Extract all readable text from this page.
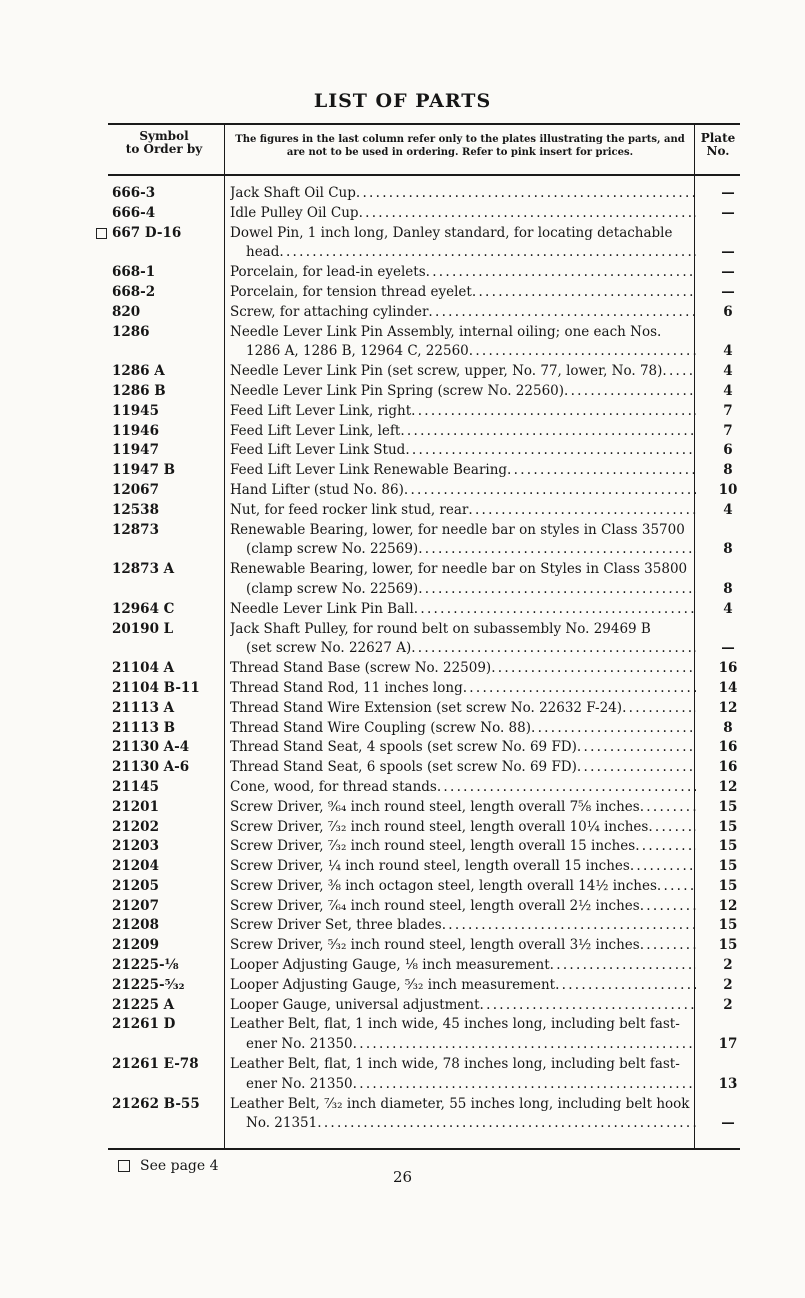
LIST OF PARTS
Symbol
to Order by
The figures in the last column refer only to the plates illustrating the parts, and
are not to be used in ordering. Refer to pink insert for prices.
Plate
No.
666-3	Jack Shaft Oil Cup . . .	—
666-4	Idle Pulley Oil Cup . . .	—
667 D-16	Dowel Pin, 1 inch long, Danley standard, for locating detachable
head . . .	—
668-1	Porcelain, for lead-in eyelets . . .	—
668-2	Porcelain, for tension thread eyelet . . .	—
820	Screw, for attaching cylinder . . .	6
1286	Needle Lever Link Pin Assembly, internal oiling; one each Nos.
1286 A, 1286 B, 12964 C, 22560 . . .	4
1286 A	Needle Lever Link Pin (set screw, upper, No. 77, lower, No. 78) . . .	4
1286 B	Needle Lever Link Pin Spring (screw No. 22560) . . .	4
11945	Feed Lift Lever Link, right . . .	7
11946	Feed Lift Lever Link, left . . .	7
11947	Feed Lift Lever Link Stud . . .	6
11947 B	Feed Lift Lever Link Renewable Bearing . . .	8
12067	Hand Lifter (stud No. 86) . . .	10
12538	Nut, for feed rocker link stud, rear . . .	4
12873	Renewable Bearing, lower, for needle bar on styles in Class 35700
(clamp screw No. 22569) . . .	8
12873 A	Renewable Bearing, lower, for needle bar on Styles in Class 35800
(clamp screw No. 22569) . . .	8
12964 C	Needle Lever Link Pin Ball . . .	4
20190 L	Jack Shaft Pulley, for round belt on subassembly No. 29469 B
(set screw No. 22627 A) . . .	—
21104 A	Thread Stand Base (screw No. 22509) . . .	16
21104 B-11	Thread Stand Rod, 11 inches long . . .	14
21113 A	Thread Stand Wire Extension (set screw No. 22632 F-24) . . .	12
21113 B	Thread Stand Wire Coupling (screw No. 88) . . .	8
21130 A-4	Thread Stand Seat, 4 spools (set screw No. 69 FD) . . .	16
21130 A-6	Thread Stand Seat, 6 spools (set screw No. 69 FD) . . .	16
21145	Cone, wood, for thread stands . . .	12
21201	Screw Driver, ⁹⁄₆₄ inch round steel, length overall 7⅝ inches . . .	15
21202	Screw Driver, ⁷⁄₃₂ inch round steel, length overall 10¼ inches . . .	15
21203	Screw Driver, ⁷⁄₃₂ inch round steel, length overall 15 inches . . .	15
21204	Screw Driver, ¼ inch round steel, length overall 15 inches . . .	15
21205	Screw Driver, ⅜ inch octagon steel, length overall 14½ inches . . .	15
21207	Screw Driver, ⁷⁄₆₄ inch round steel, length overall 2½ inches . . .	12
21208	Screw Driver Set, three blades . . .	15
21209	Screw Driver, ⁵⁄₃₂ inch round steel, length overall 3½ inches . . .	15
21225-⅛	Looper Adjusting Gauge, ⅛ inch measurement . . .	2
21225-⁵⁄₃₂	Looper Adjusting Gauge, ⁵⁄₃₂ inch measurement . . .	2
21225 A	Looper Gauge, universal adjustment . . .	2
21261 D	Leather Belt, flat, 1 inch wide, 45 inches long, including belt fast-
ener No. 21350 . . .	17
21261 E-78	Leather Belt, flat, 1 inch wide, 78 inches long, including belt fast-
ener No. 21350 . . .	13
21262 B-55	Leather Belt, ⁷⁄₃₂ inch diameter, 55 inches long, including belt hook
No. 21351 . . .	—
See page 4
26
